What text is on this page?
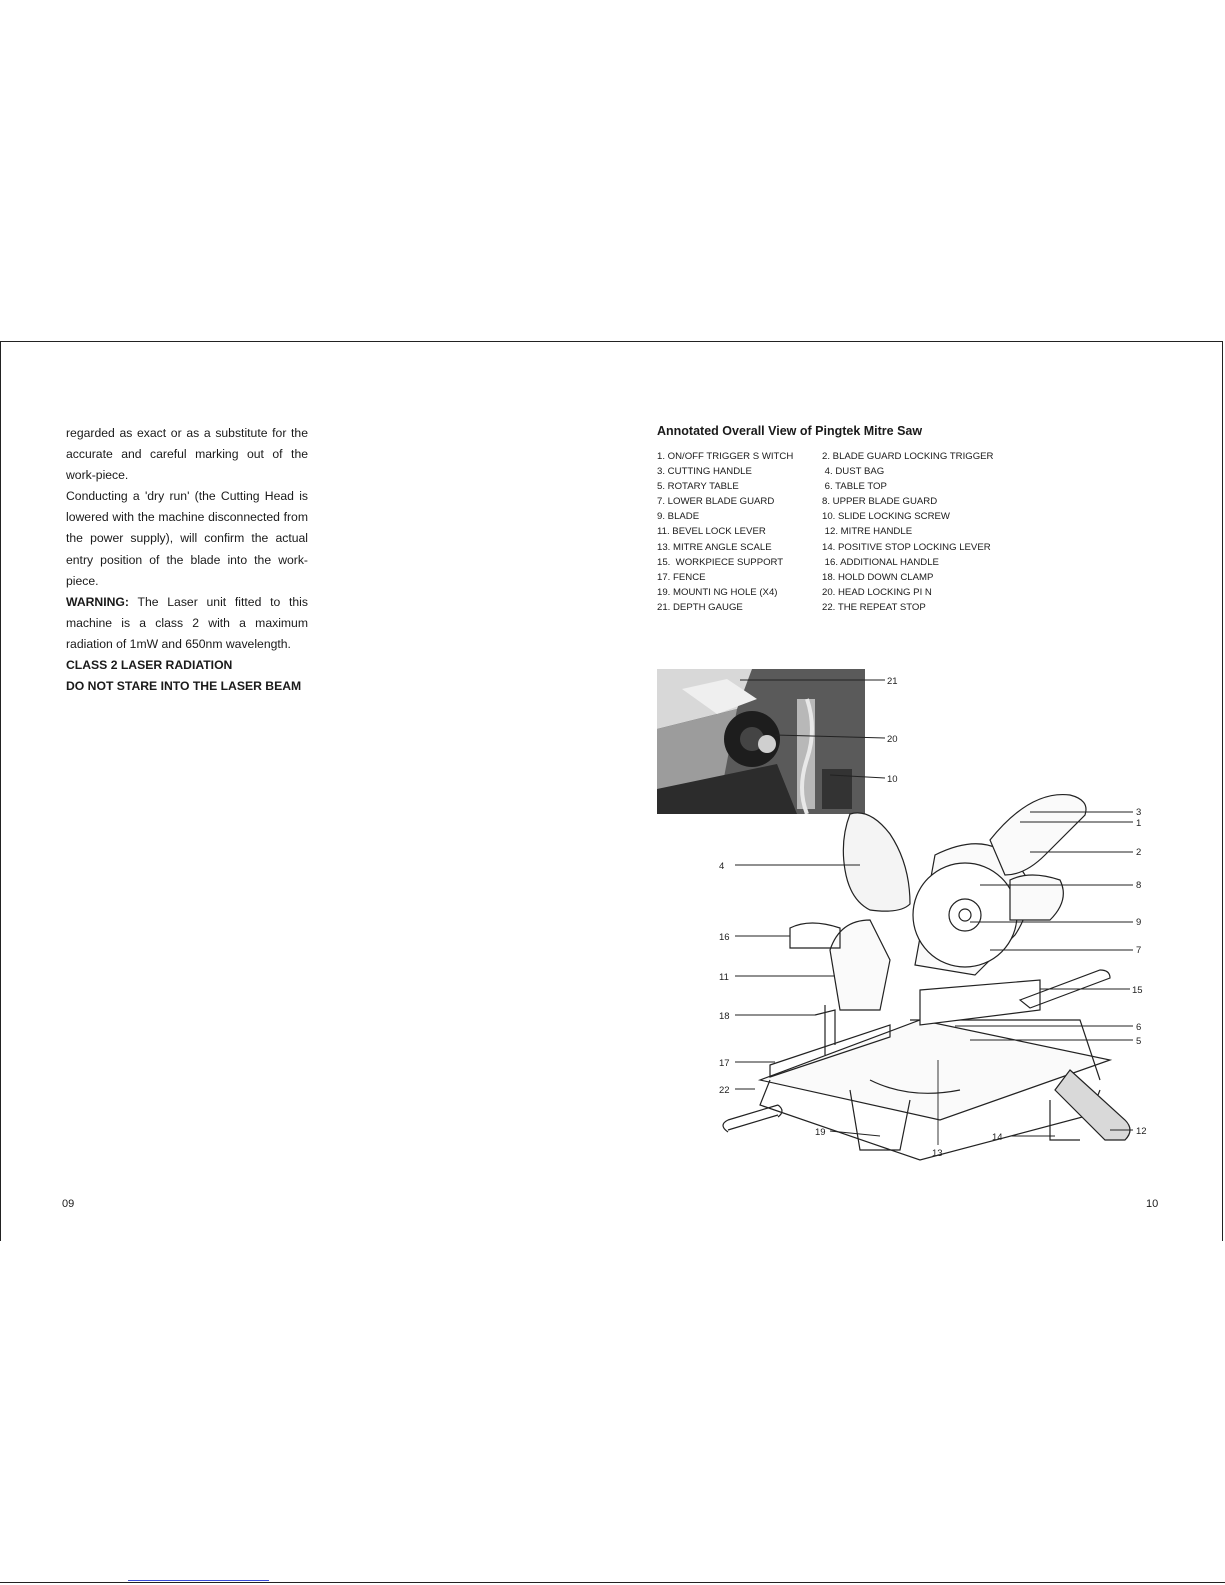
regarded as exact or as a substitute for the accurate and careful marking out of the work-piece.

Conducting a 'dry run' (the Cutting Head is lowered with the machine disconnected from the power supply), will confirm the actual entry position of the blade into the work-piece.

WARNING: The Laser unit fitted to this machine is a class 2 with a maximum radiation of 1mW and 650nm wavelength.

CLASS 2 LASER RADIATION

DO NOT STARE INTO THE LASER BEAM

09
Annotated Overall View of Pingtek Mitre Saw
1. ON/OFF TRIGGER S WITCH	2. BLADE GUARD LOCKING TRIGGER
3. CUTTING HANDLE	4. DUST BAG
5. ROTARY TABLE	6. TABLE TOP
7. LOWER BLADE GUARD	8. UPPER BLADE GUARD
9. BLADE	10. SLIDE LOCKING SCREW
11. BEVEL LOCK LEVER	12. MITRE HANDLE
13. MITRE ANGLE SCALE	14. POSITIVE STOP LOCKING LEVER
15.  WORKPIECE SUPPORT	16. ADDITIONAL HANDLE
17. FENCE	18. HOLD DOWN CLAMP
19. MOUNTI NG HOLE (X4)	20. HEAD LOCKING PI N
21. DEPTH GAUGE	22. THE REPEAT STOP
21
20
10
3
1
2
8
9
7
15
6
5
12
14
13
19
22
17
18
11
16
4
10
